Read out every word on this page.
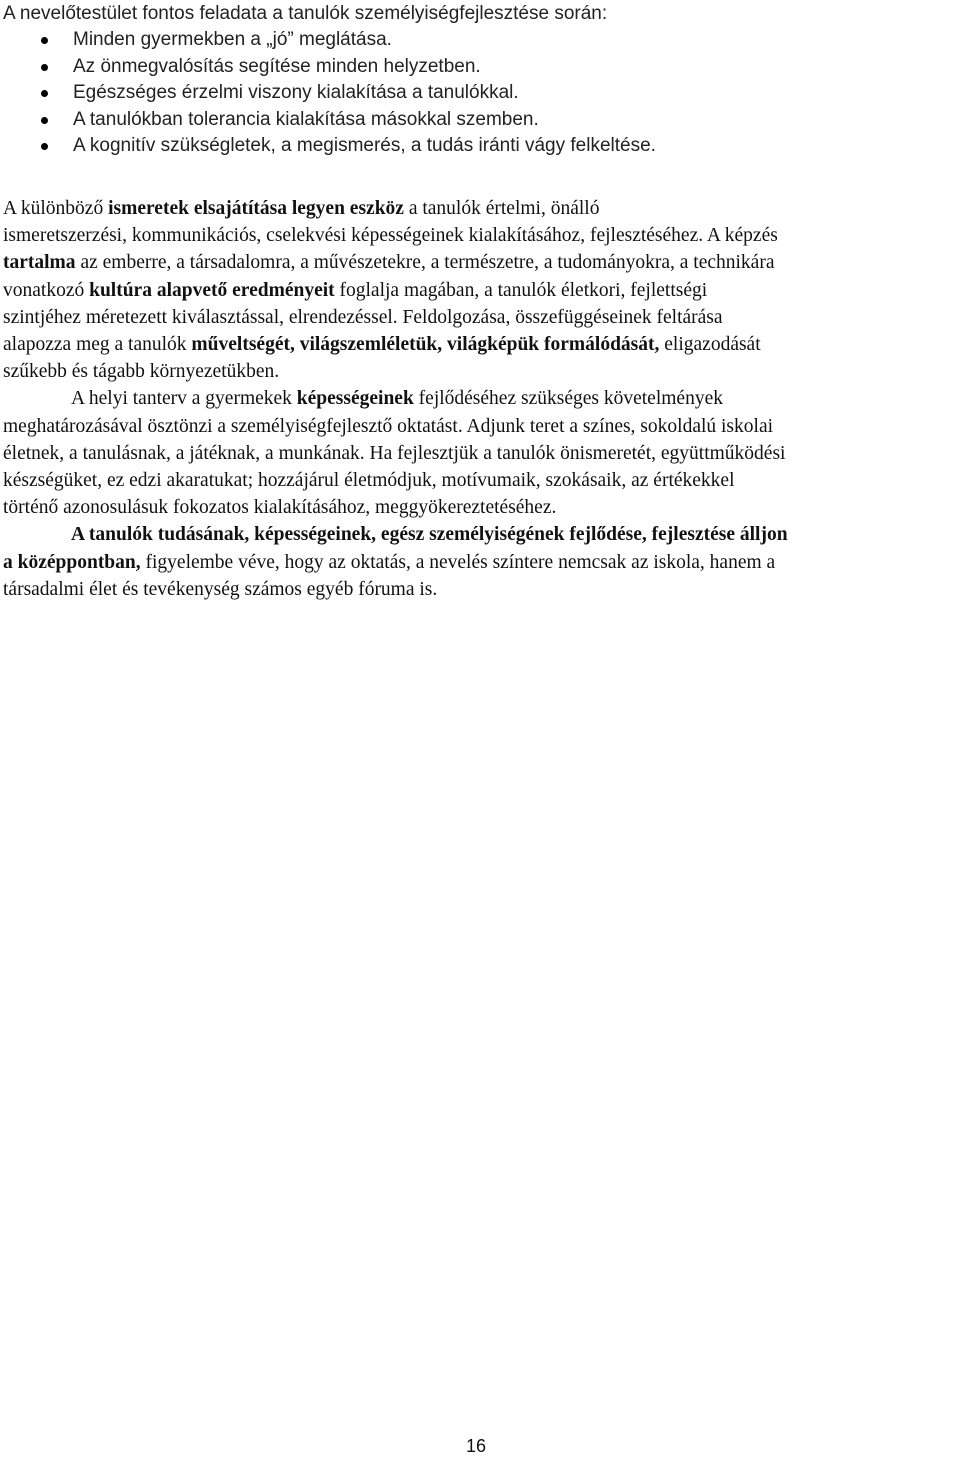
A nevelőtestület fontos feladata a tanulók személyiségfejlesztése során:
Minden gyermekben a „jó” meglátása.
Az önmegvalósítás segítése minden helyzetben.
Egészséges érzelmi viszony kialakítása a tanulókkal.
A tanulókban tolerancia kialakítása másokkal szemben.
A kognitív szükségletek, a megismerés, a tudás iránti vágy felkeltése.
A különböző ismeretek elsajátítása legyen eszköz a tanulók értelmi, önálló
ismeretszerzési, kommunikációs, cselekvési képességeinek kialakításához, fejlesztéséhez. A képzés
tartalma az emberre, a társadalomra, a művészetekre, a természetre, a tudományokra, a technikára
vonatkozó kultúra alapvető eredményeit foglalja magában, a tanulók életkori, fejlettségi
szintjéhez méretezett kiválasztással, elrendezéssel. Feldolgozása, összefüggéseinek feltárása
alapozza meg a tanulók műveltségét, világszemléletük, világképük formálódását, eligazodását
szűkebb és tágabb környezetükben.
A helyi tanterv a gyermekek képességeinek fejlődéséhez szükséges követelmények
meghatározásával ösztönzi a személyiségfejlesztő oktatást. Adjunk teret a színes, sokoldalú iskolai
életnek, a tanulásnak, a játéknak, a munkának. Ha fejlesztjük a tanulók önismeretét, együttműködési
készségüket, ez edzi akaratukat; hozzájárul életmódjuk, motívumaik, szokásaik, az értékekkel
történő azonosulásuk fokozatos kialakításához, meggyökereztetéséhez.
A tanulók tudásának, képességeinek, egész személyiségének fejlődése, fejlesztése álljon
a középpontban, figyelembe véve, hogy az oktatás, a nevelés színtere nemcsak az iskola, hanem a
társadalmi élet és tevékenység számos egyéb fóruma is.
16
